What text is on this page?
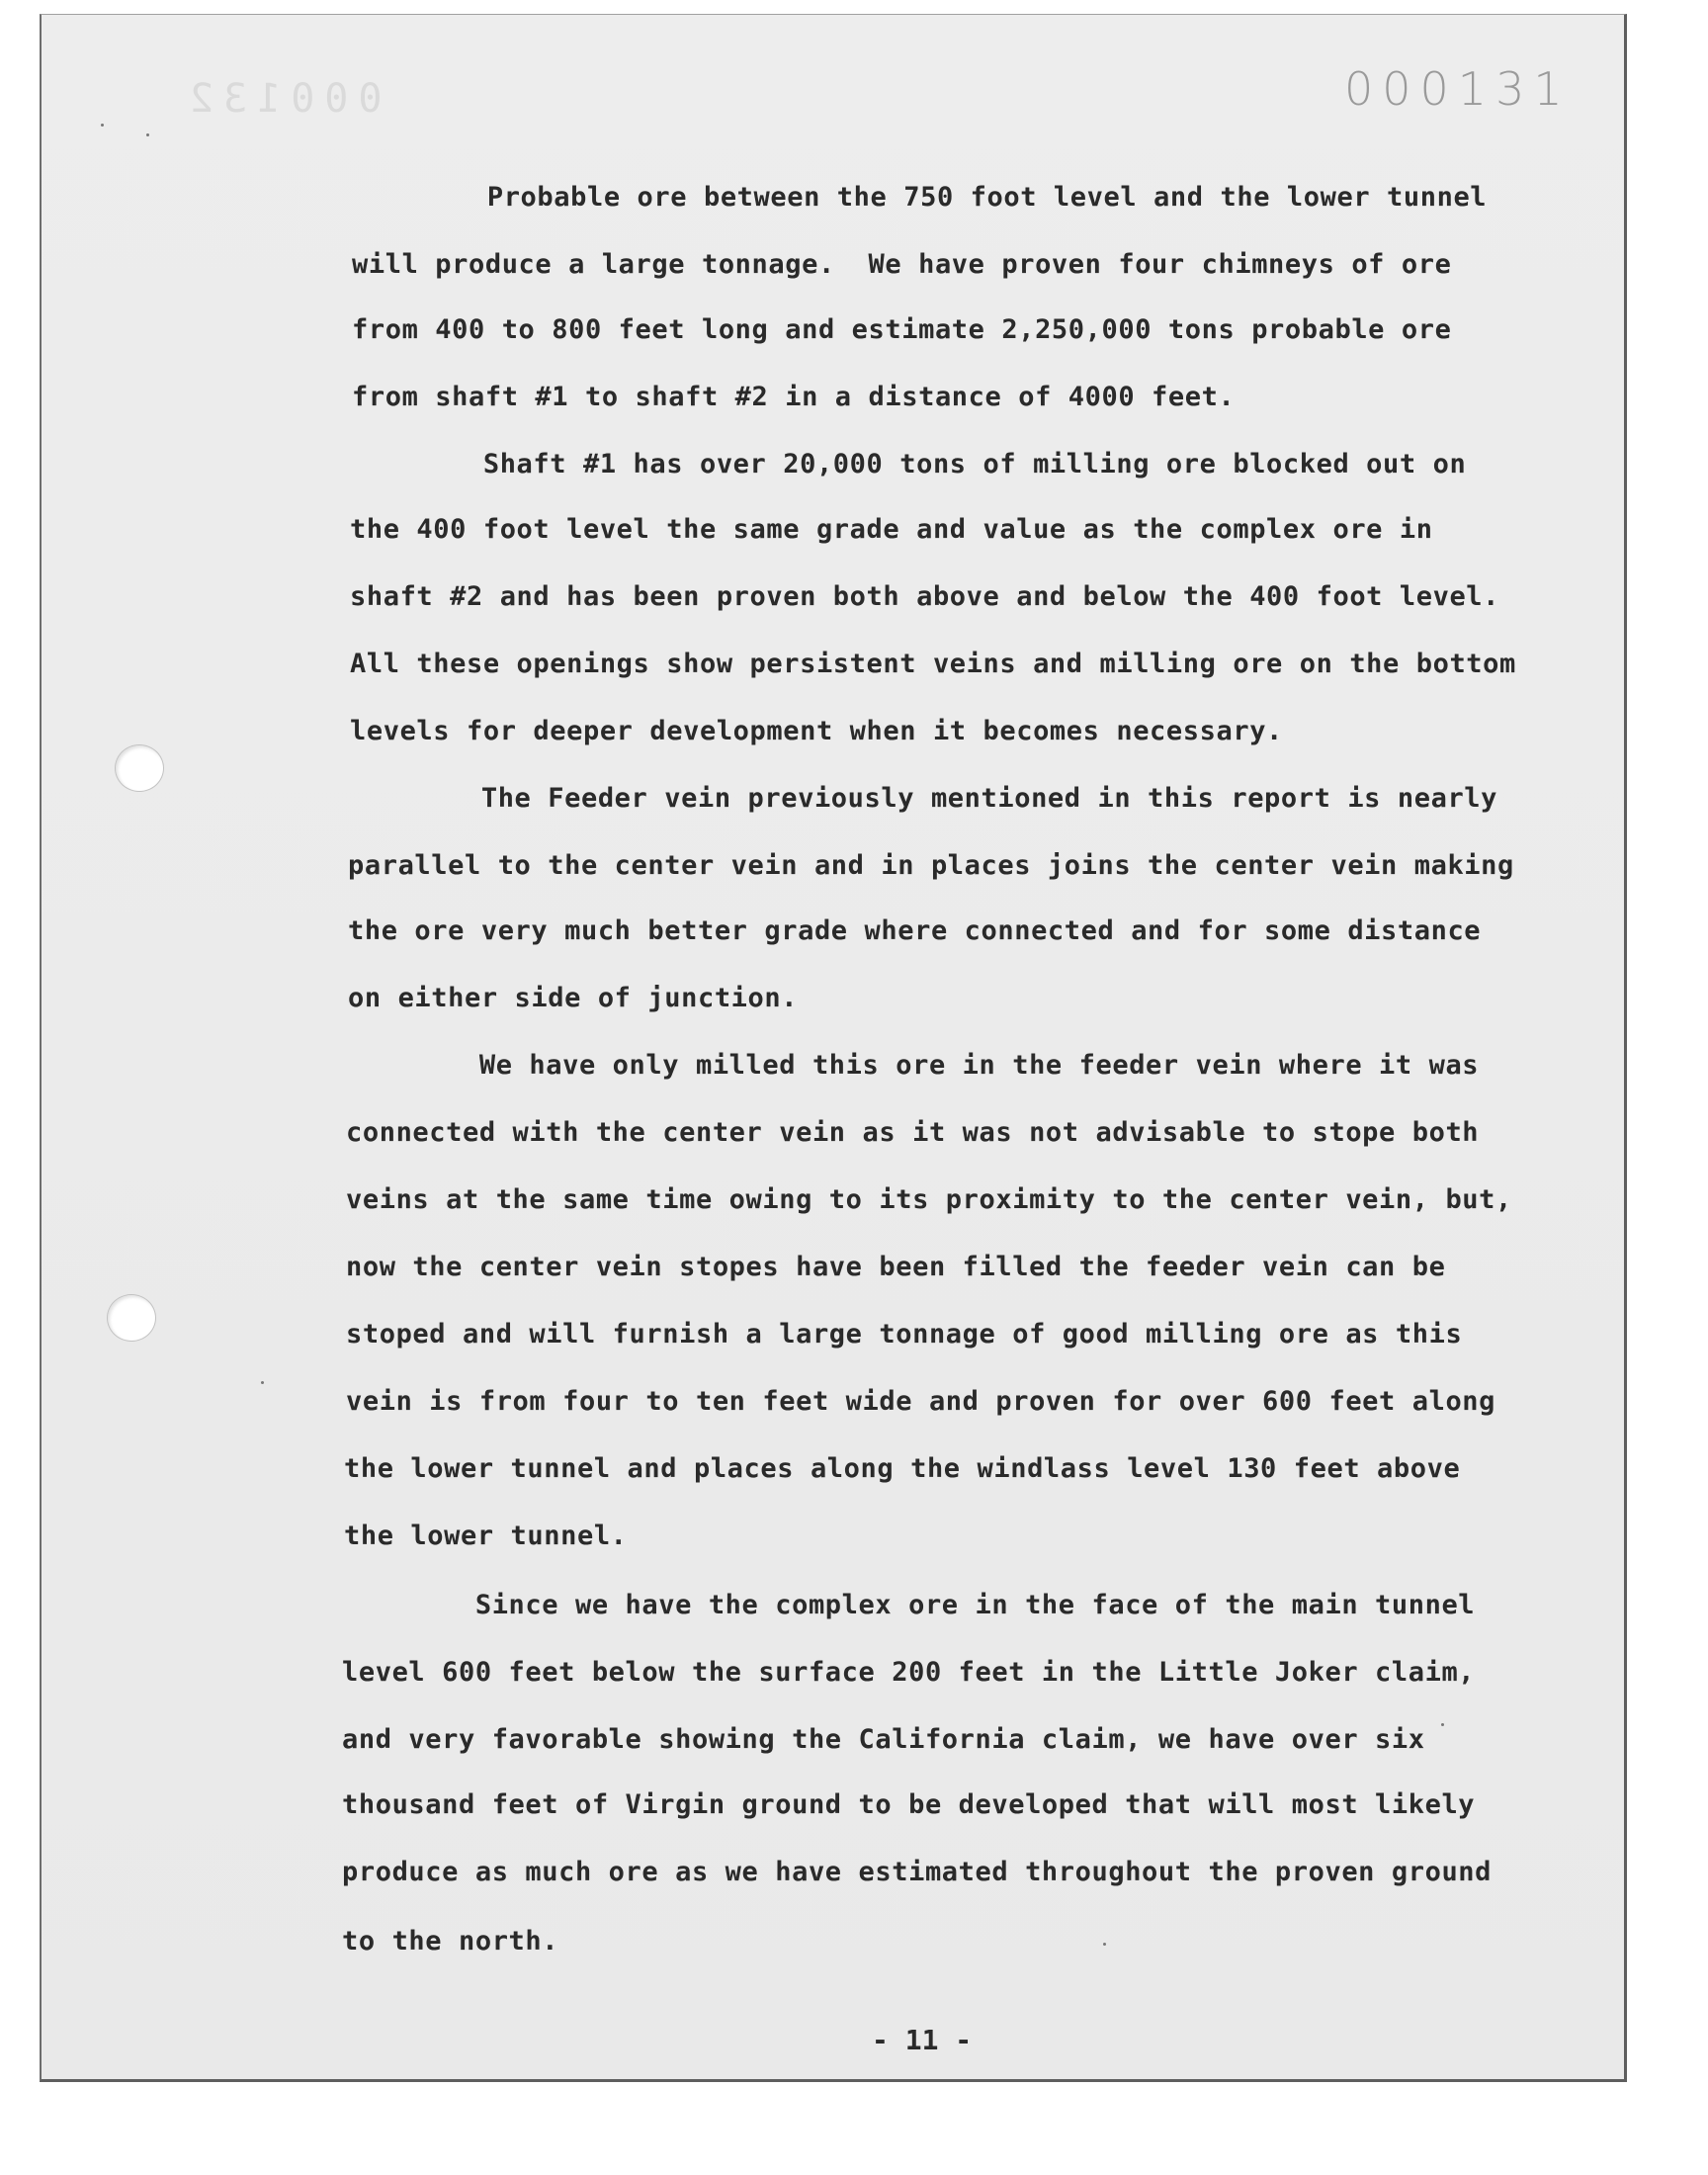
000132	000131
Probable ore between the 750 foot level and the lower tunnel
will produce a large tonnage.  We have proven four chimneys of ore
from 400 to 800 feet long and estimate 2,250,000 tons probable ore
from shaft #1 to shaft #2 in a distance of 4000 feet.
Shaft #1 has over 20,000 tons of milling ore blocked out on
the 400 foot level the same grade and value as the complex ore in
shaft #2 and has been proven both above and below the 400 foot level.
All these openings show persistent veins and milling ore on the bottom
levels for deeper development when it becomes necessary.
The Feeder vein previously mentioned in this report is nearly
parallel to the center vein and in places joins the center vein making
the ore very much better grade where connected and for some distance
on either side of junction.
We have only milled this ore in the feeder vein where it was
connected with the center vein as it was not advisable to stope both
veins at the same time owing to its proximity to the center vein, but,
now the center vein stopes have been filled the feeder vein can be
stoped and will furnish a large tonnage of good milling ore as this
vein is from four to ten feet wide and proven for over 600 feet along
the lower tunnel and places along the windlass level 130 feet above
the lower tunnel.
Since we have the complex ore in the face of the main tunnel
level 600 feet below the surface 200 feet in the Little Joker claim,
and very favorable showing the California claim, we have over six
thousand feet of Virgin ground to be developed that will most likely
produce as much ore as we have estimated throughout the proven ground
to the north.
- 11 -
